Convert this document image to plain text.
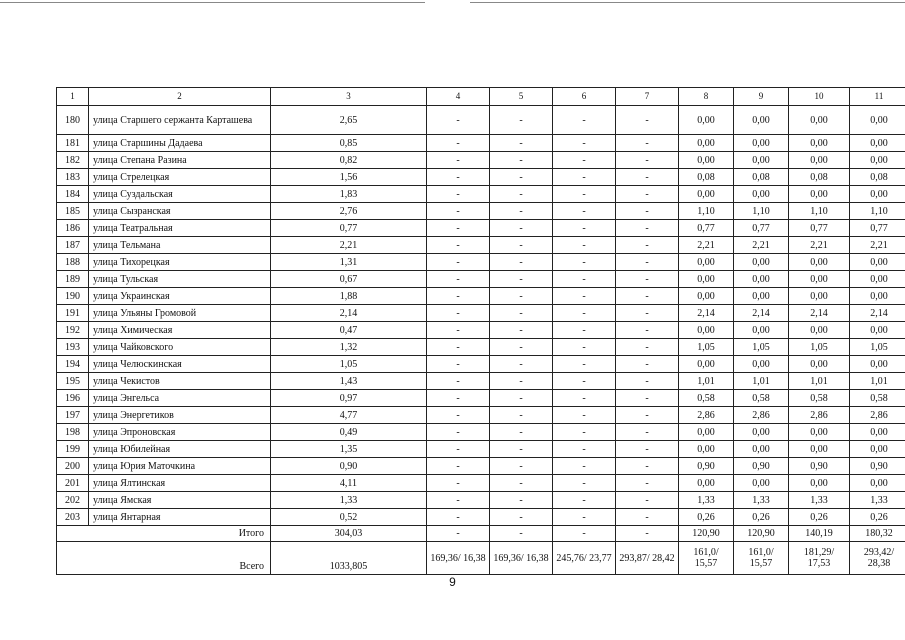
1	2	3	4	5	6	7	8	9	10	11
180	улица Старшего сержанта Карташева	2,65	-	-	-	-	0,00	0,00	0,00	0,00
181	улица Старшины Дадаева	0,85	-	-	-	-	0,00	0,00	0,00	0,00
182	улица Степана Разина	0,82	-	-	-	-	0,00	0,00	0,00	0,00
183	улица Стрелецкая	1,56	-	-	-	-	0,08	0,08	0,08	0,08
184	улица Суздальская	1,83	-	-	-	-	0,00	0,00	0,00	0,00
185	улица Сызранская	2,76	-	-	-	-	1,10	1,10	1,10	1,10
186	улица Театральная	0,77	-	-	-	-	0,77	0,77	0,77	0,77
187	улица Тельмана	2,21	-	-	-	-	2,21	2,21	2,21	2,21
188	улица Тихорецкая	1,31	-	-	-	-	0,00	0,00	0,00	0,00
189	улица Тульская	0,67	-	-	-	-	0,00	0,00	0,00	0,00
190	улица Украинская	1,88	-	-	-	-	0,00	0,00	0,00	0,00
191	улица Ульяны Громовой	2,14	-	-	-	-	2,14	2,14	2,14	2,14
192	улица Химическая	0,47	-	-	-	-	0,00	0,00	0,00	0,00
193	улица Чайковского	1,32	-	-	-	-	1,05	1,05	1,05	1,05
194	улица Челюскинская	1,05	-	-	-	-	0,00	0,00	0,00	0,00
195	улица Чекистов	1,43	-	-	-	-	1,01	1,01	1,01	1,01
196	улица Энгельса	0,97	-	-	-	-	0,58	0,58	0,58	0,58
197	улица Энергетиков	4,77	-	-	-	-	2,86	2,86	2,86	2,86
198	улица Эпроновская	0,49	-	-	-	-	0,00	0,00	0,00	0,00
199	улица Юбилейная	1,35	-	-	-	-	0,00	0,00	0,00	0,00
200	улица Юрия Маточкина	0,90	-	-	-	-	0,90	0,90	0,90	0,90
201	улица Ялтинская	4,11	-	-	-	-	0,00	0,00	0,00	0,00
202	улица Ямская	1,33	-	-	-	-	1,33	1,33	1,33	1,33
203	улица Янтарная	0,52	-	-	-	-	0,26	0,26	0,26	0,26
Итого		304,03	-	-	-	-	120,90	120,90	140,19	180,32
Всего		1033,805	169,36/ 16,38	169,36/ 16,38	245,76/ 23,77	293,87/ 28,42	161,0/ 15,57	161,0/ 15,57	181,29/ 17,53	293,42/ 28,38
9
